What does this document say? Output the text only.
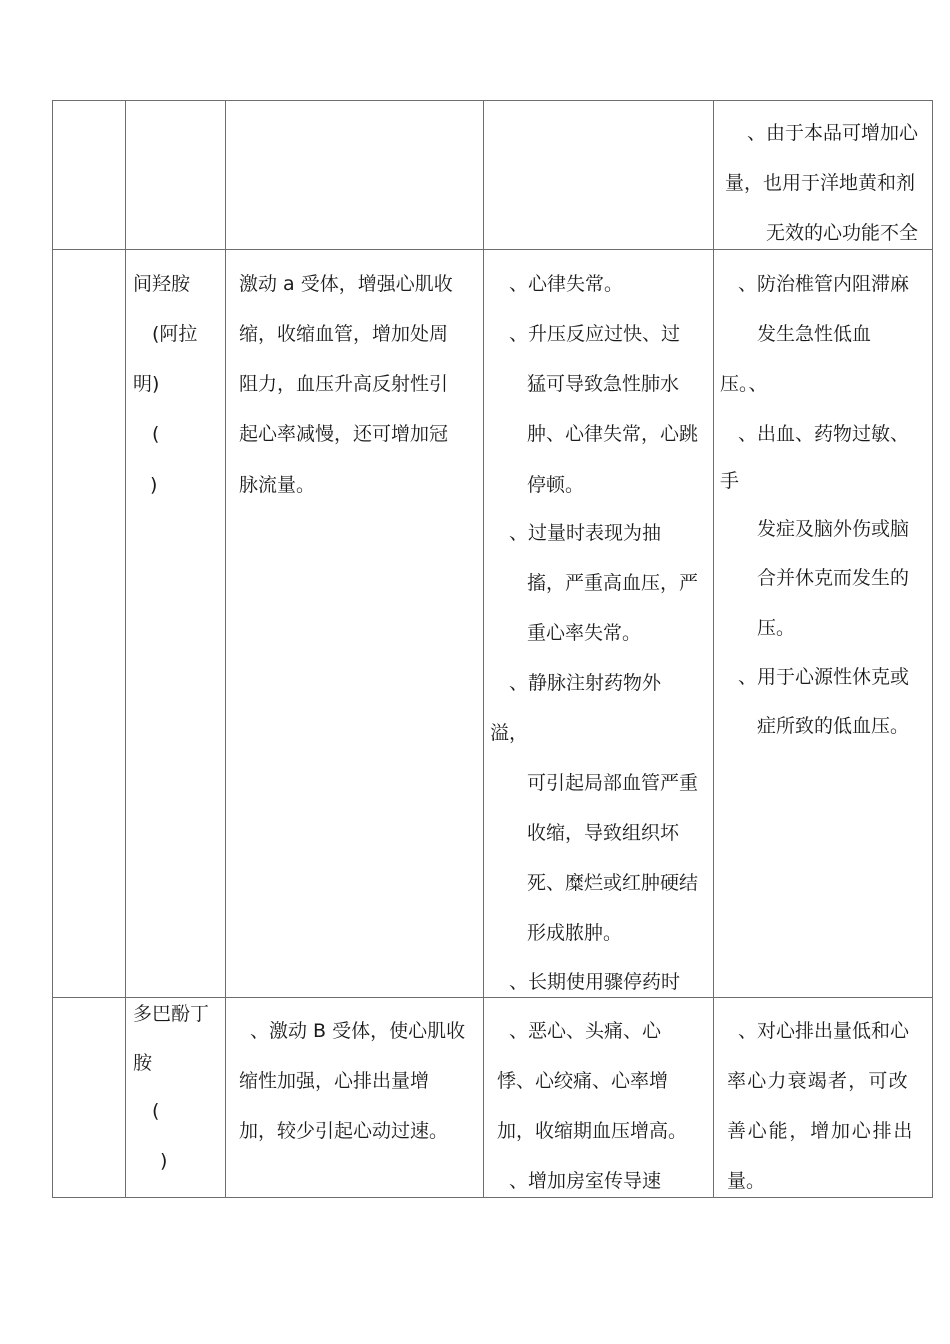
、由于本品可增加心
量，也用于洋地黄和剂
无效的心功能不全
间羟胺
(阿拉
明)
(
)
激动 a 受体，增强心肌收
缩，收缩血管，增加处周
阻力，血压升高反射性引
起心率减慢，还可增加冠
脉流量。
、心律失常。
、升压反应过快、过
猛可导致急性肺水
肿、心律失常，心跳
停顿。
、过量时表现为抽
搐，严重高血压，严
重心率失常。
、静脉注射药物外
溢，
可引起局部血管严重
收缩，导致组织坏
死、糜烂或红肿硬结
形成脓肿。
、长期使用骤停药时
、防治椎管内阻滞麻
发生急性低血
压。、
、出血、药物过敏、
手
发症及脑外伤或脑
合并休克而发生的
压。
、用于心源性休克或
症所致的低血压。
多巴酚丁
胺
(
)
、激动 B 受体，使心肌收
缩性加强，心排出量增
加，较少引起心动过速。
、恶心、头痛、心
悸、心绞痛、心率增
加，收缩期血压增高。
、增加房室传导速
、对心排出量低和心
率心力衰竭者，可改
善心能，增加心排出
量。
